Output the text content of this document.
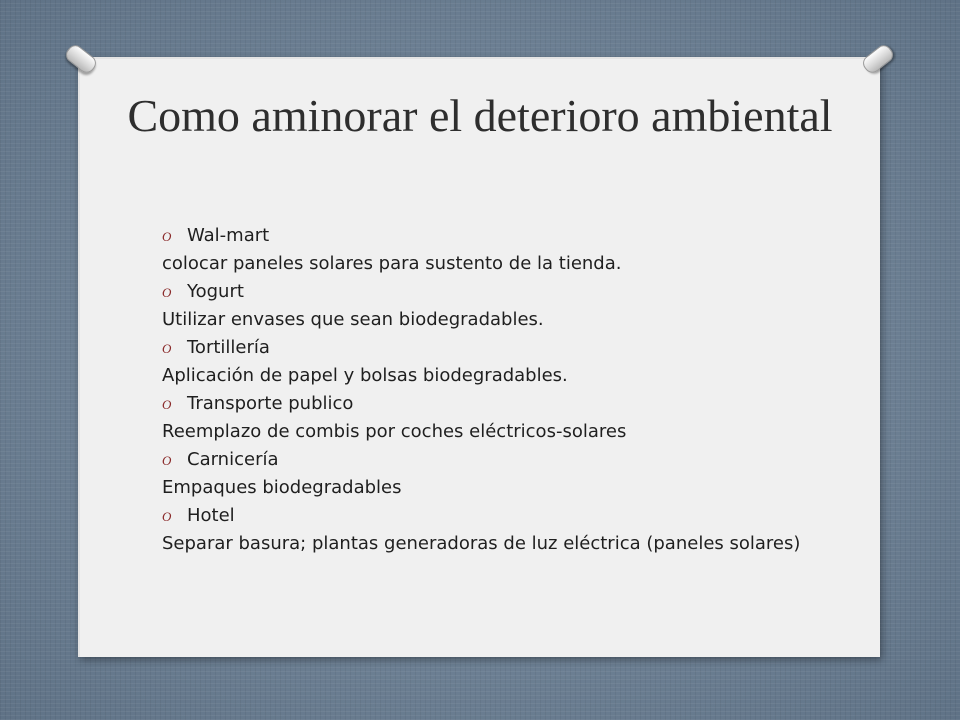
Como aminorar el deterioro ambiental
O Wal-mart
colocar paneles solares para sustento de la tienda.
O Yogurt
Utilizar envases que sean biodegradables.
O Tortillería
Aplicación de papel y bolsas biodegradables.
O Transporte publico
Reemplazo de combis por coches eléctricos-solares
O Carnicería
Empaques biodegradables
O Hotel
Separar basura; plantas generadoras de luz eléctrica (paneles solares)
